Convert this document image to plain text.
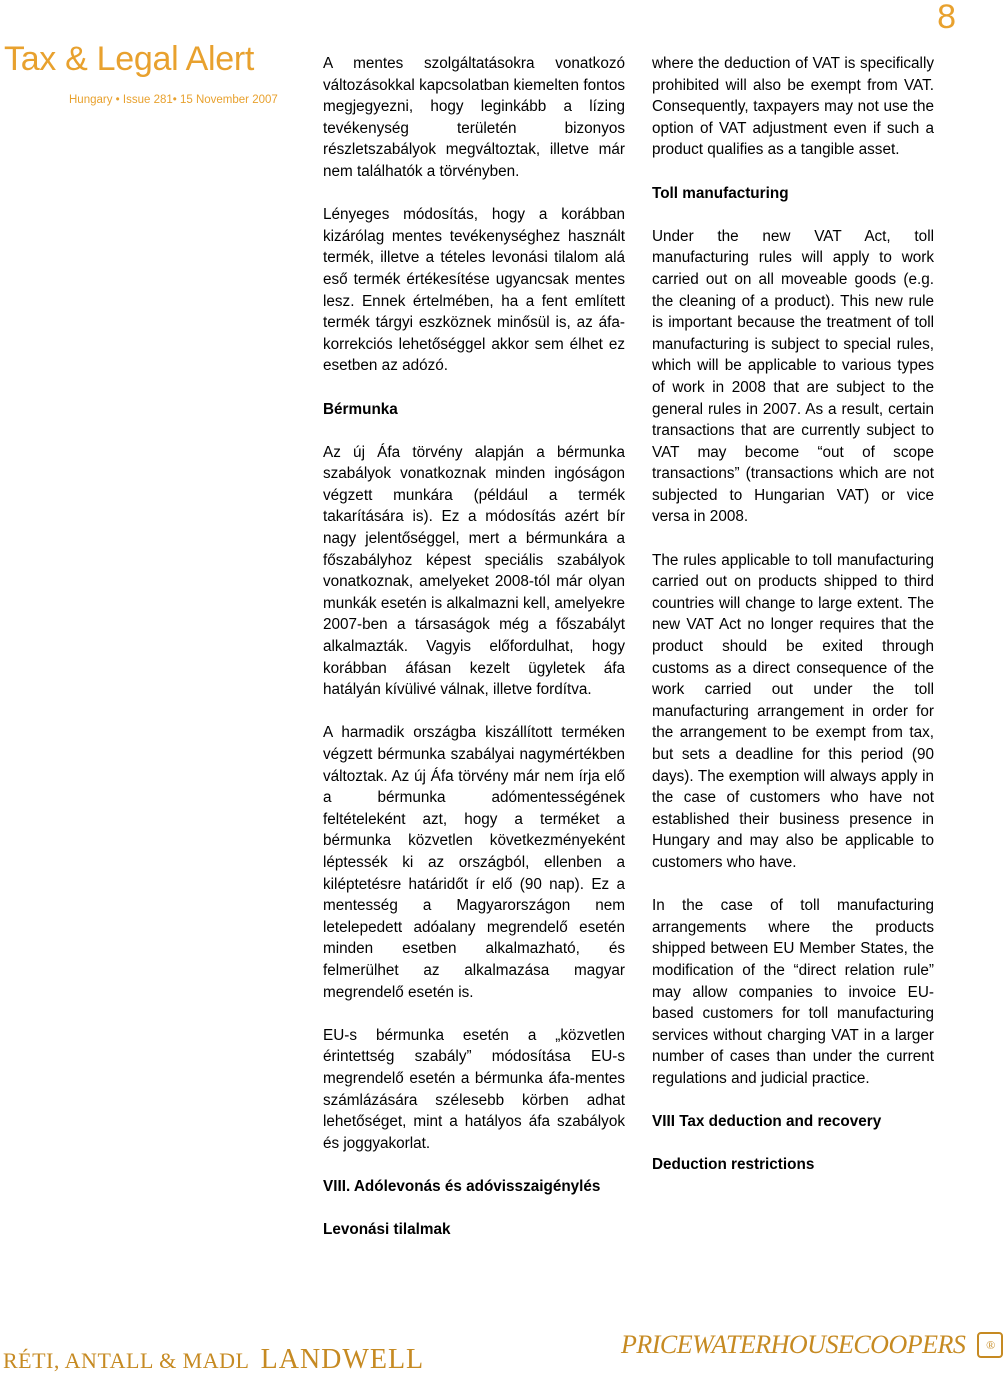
Tax & Legal Alert
Hungary • Issue 281• 15 November 2007
8

A mentes szolgáltatásokra vonatkozó változásokkal kapcsolatban kiemelten fontos megjegyezni, hogy leginkább a lízing tevékenység területén bizonyos részletszabályok megváltoztak, illetve már nem találhatók a törvényben.

Lényeges módosítás, hogy a korábban kizárólag mentes tevékenységhez használt termék, illetve a tételes levonási tilalom alá eső termék értékesítése ugyancsak mentes lesz. Ennek értelmében, ha a fent említett termék tárgyi eszköznek minősül is, az áfa-korrekciós lehetőséggel akkor sem élhet ez esetben az adózó.

Bérmunka

Az új Áfa törvény alapján a bérmunka szabályok vonatkoznak minden ingóságon végzett munkára (például a termék takarítására is). Ez a módosítás azért bír nagy jelentőséggel, mert a bérmunkára a főszabályhoz képest speciális szabályok vonatkoznak, amelyeket 2008-tól már olyan munkák esetén is alkalmazni kell, amelyekre 2007-ben a társaságok még a főszabályt alkalmazták. Vagyis előfordulhat, hogy korábban áfásan kezelt ügyletek áfa hatályán kívülivé válnak, illetve fordítva.

A harmadik országba kiszállított terméken végzett bérmunka szabályai nagymértékben változtak. Az új Áfa törvény már nem írja elő a bérmunka adómentességének feltételeként azt, hogy a terméket a bérmunka közvetlen következményeként léptessék ki az országból, ellenben a kiléptetésre határidőt ír elő (90 nap). Ez a mentesség a Magyarországon nem letelepedett adóalany megrendelő esetén minden esetben alkalmazható, és felmerülhet az alkalmazása magyar megrendelő esetén is.

EU-s bérmunka esetén a „közvetlen érintettség szabály” módosítása EU-s megrendelő esetén a bérmunka áfa-mentes számlázására szélesebb körben adhat lehetőséget, mint a hatályos áfa szabályok és joggyakorlat.

VIII. Adólevonás és adóvisszaigénylés
Levonási tilalmak

where the deduction of VAT is specifically prohibited will also be exempt from VAT. Consequently, taxpayers may not use the option of VAT adjustment even if such a product qualifies as a tangible asset.

Toll manufacturing

Under the new VAT Act, toll manufacturing rules will apply to work carried out on all moveable goods (e.g. the cleaning of a product). This new rule is important because the treatment of toll manufacturing is subject to special rules, which will be applicable to various types of work in 2008 that are subject to the general rules in 2007. As a result, certain transactions that are currently subject to VAT may become “out of scope transactions” (transactions which are not subjected to Hungarian VAT) or vice versa in 2008.

The rules applicable to toll manufacturing carried out on products shipped to third countries will change to large extent. The new VAT Act no longer requires that the product should be exited through customs as a direct consequence of the work carried out under the toll manufacturing arrangement in order for the arrangement to be exempt from tax, but sets a deadline for this period (90 days). The exemption will always apply in the case of customers who have not established their business presence in Hungary and may also be applicable to customers who have.

In the case of toll manufacturing arrangements where the products shipped between EU Member States, the modification of the “direct relation rule” may allow companies to invoice EU-based customers for toll manufacturing services without charging VAT in a larger number of cases than under the current regulations and judicial practice.

VIII Tax deduction and recovery
Deduction restrictions
RÉTI, ANTALL & MADL LANDWELL	PRICEWATERHOUSECOOPERS ®
